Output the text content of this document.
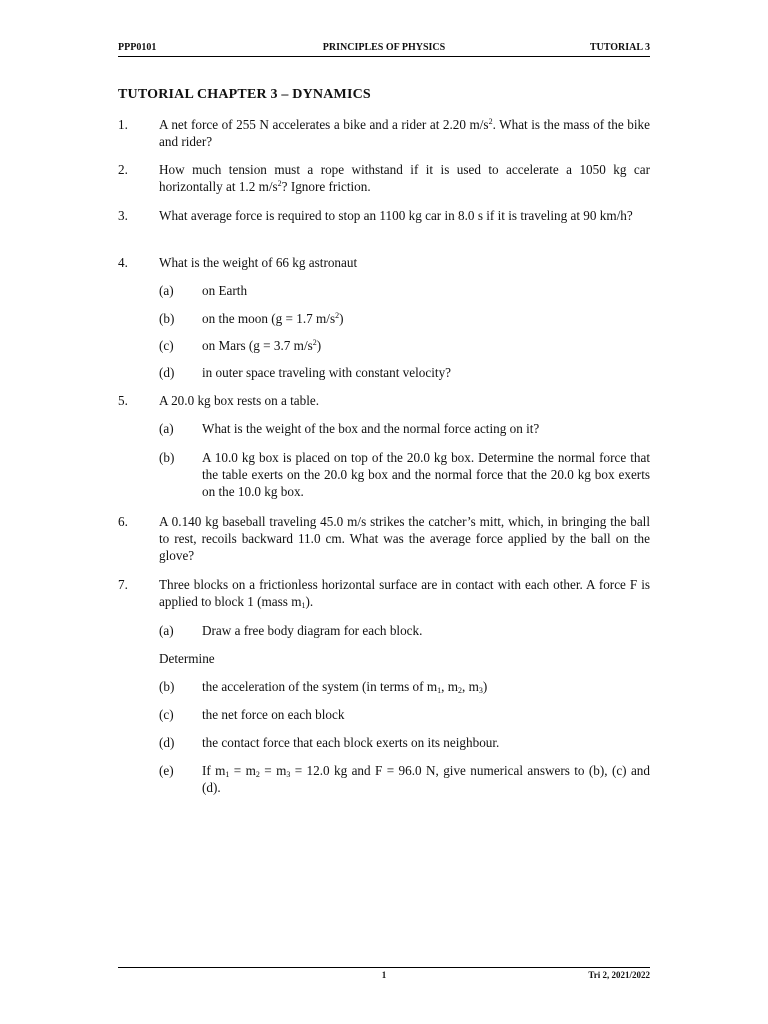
PPP0101	PRINCIPLES OF PHYSICS	TUTORIAL 3
TUTORIAL CHAPTER 3 – DYNAMICS
1. A net force of 255 N accelerates a bike and a rider at 2.20 $m/s^2$. What is the mass of the bike and rider?
2. How much tension must a rope withstand if it is used to accelerate a 1050 kg car horizontally at 1.2 $m/s^2$? Ignore friction.
3. What average force is required to stop an 1100 kg car in 8.0 s if it is traveling at 90 km/h?
4. What is the weight of 66 kg astronaut
(a) on Earth
(b) on the moon (g = 1.7 $m/s^2$)
(c) on Mars (g = 3.7 $m/s^2$)
(d) in outer space traveling with constant velocity?
5. A 20.0 kg box rests on a table.
(a) What is the weight of the box and the normal force acting on it?
(b) A 10.0 kg box is placed on top of the 20.0 kg box. Determine the normal force that the table exerts on the 20.0 kg box and the normal force that the 20.0 kg box exerts on the 10.0 kg box.
6. A 0.140 kg baseball traveling 45.0 m/s strikes the catcher’s mitt, which, in bringing the ball to rest, recoils backward 11.0 cm. What was the average force applied by the ball on the glove?
7. Three blocks on a frictionless horizontal surface are in contact with each other. A force F is applied to block 1 (mass $m_1$).
(a) Draw a free body diagram for each block.
Determine
(b) the acceleration of the system (in terms of $m_1$, $m_2$, $m_3$)
(c) the net force on each block
(d) the contact force that each block exerts on its neighbour.
(e) If $m_1 = m_2 = m_3 = 12.0$ kg and F = 96.0 N, give numerical answers to (b), (c) and (d).
1	Tri 2, 2021/2022
